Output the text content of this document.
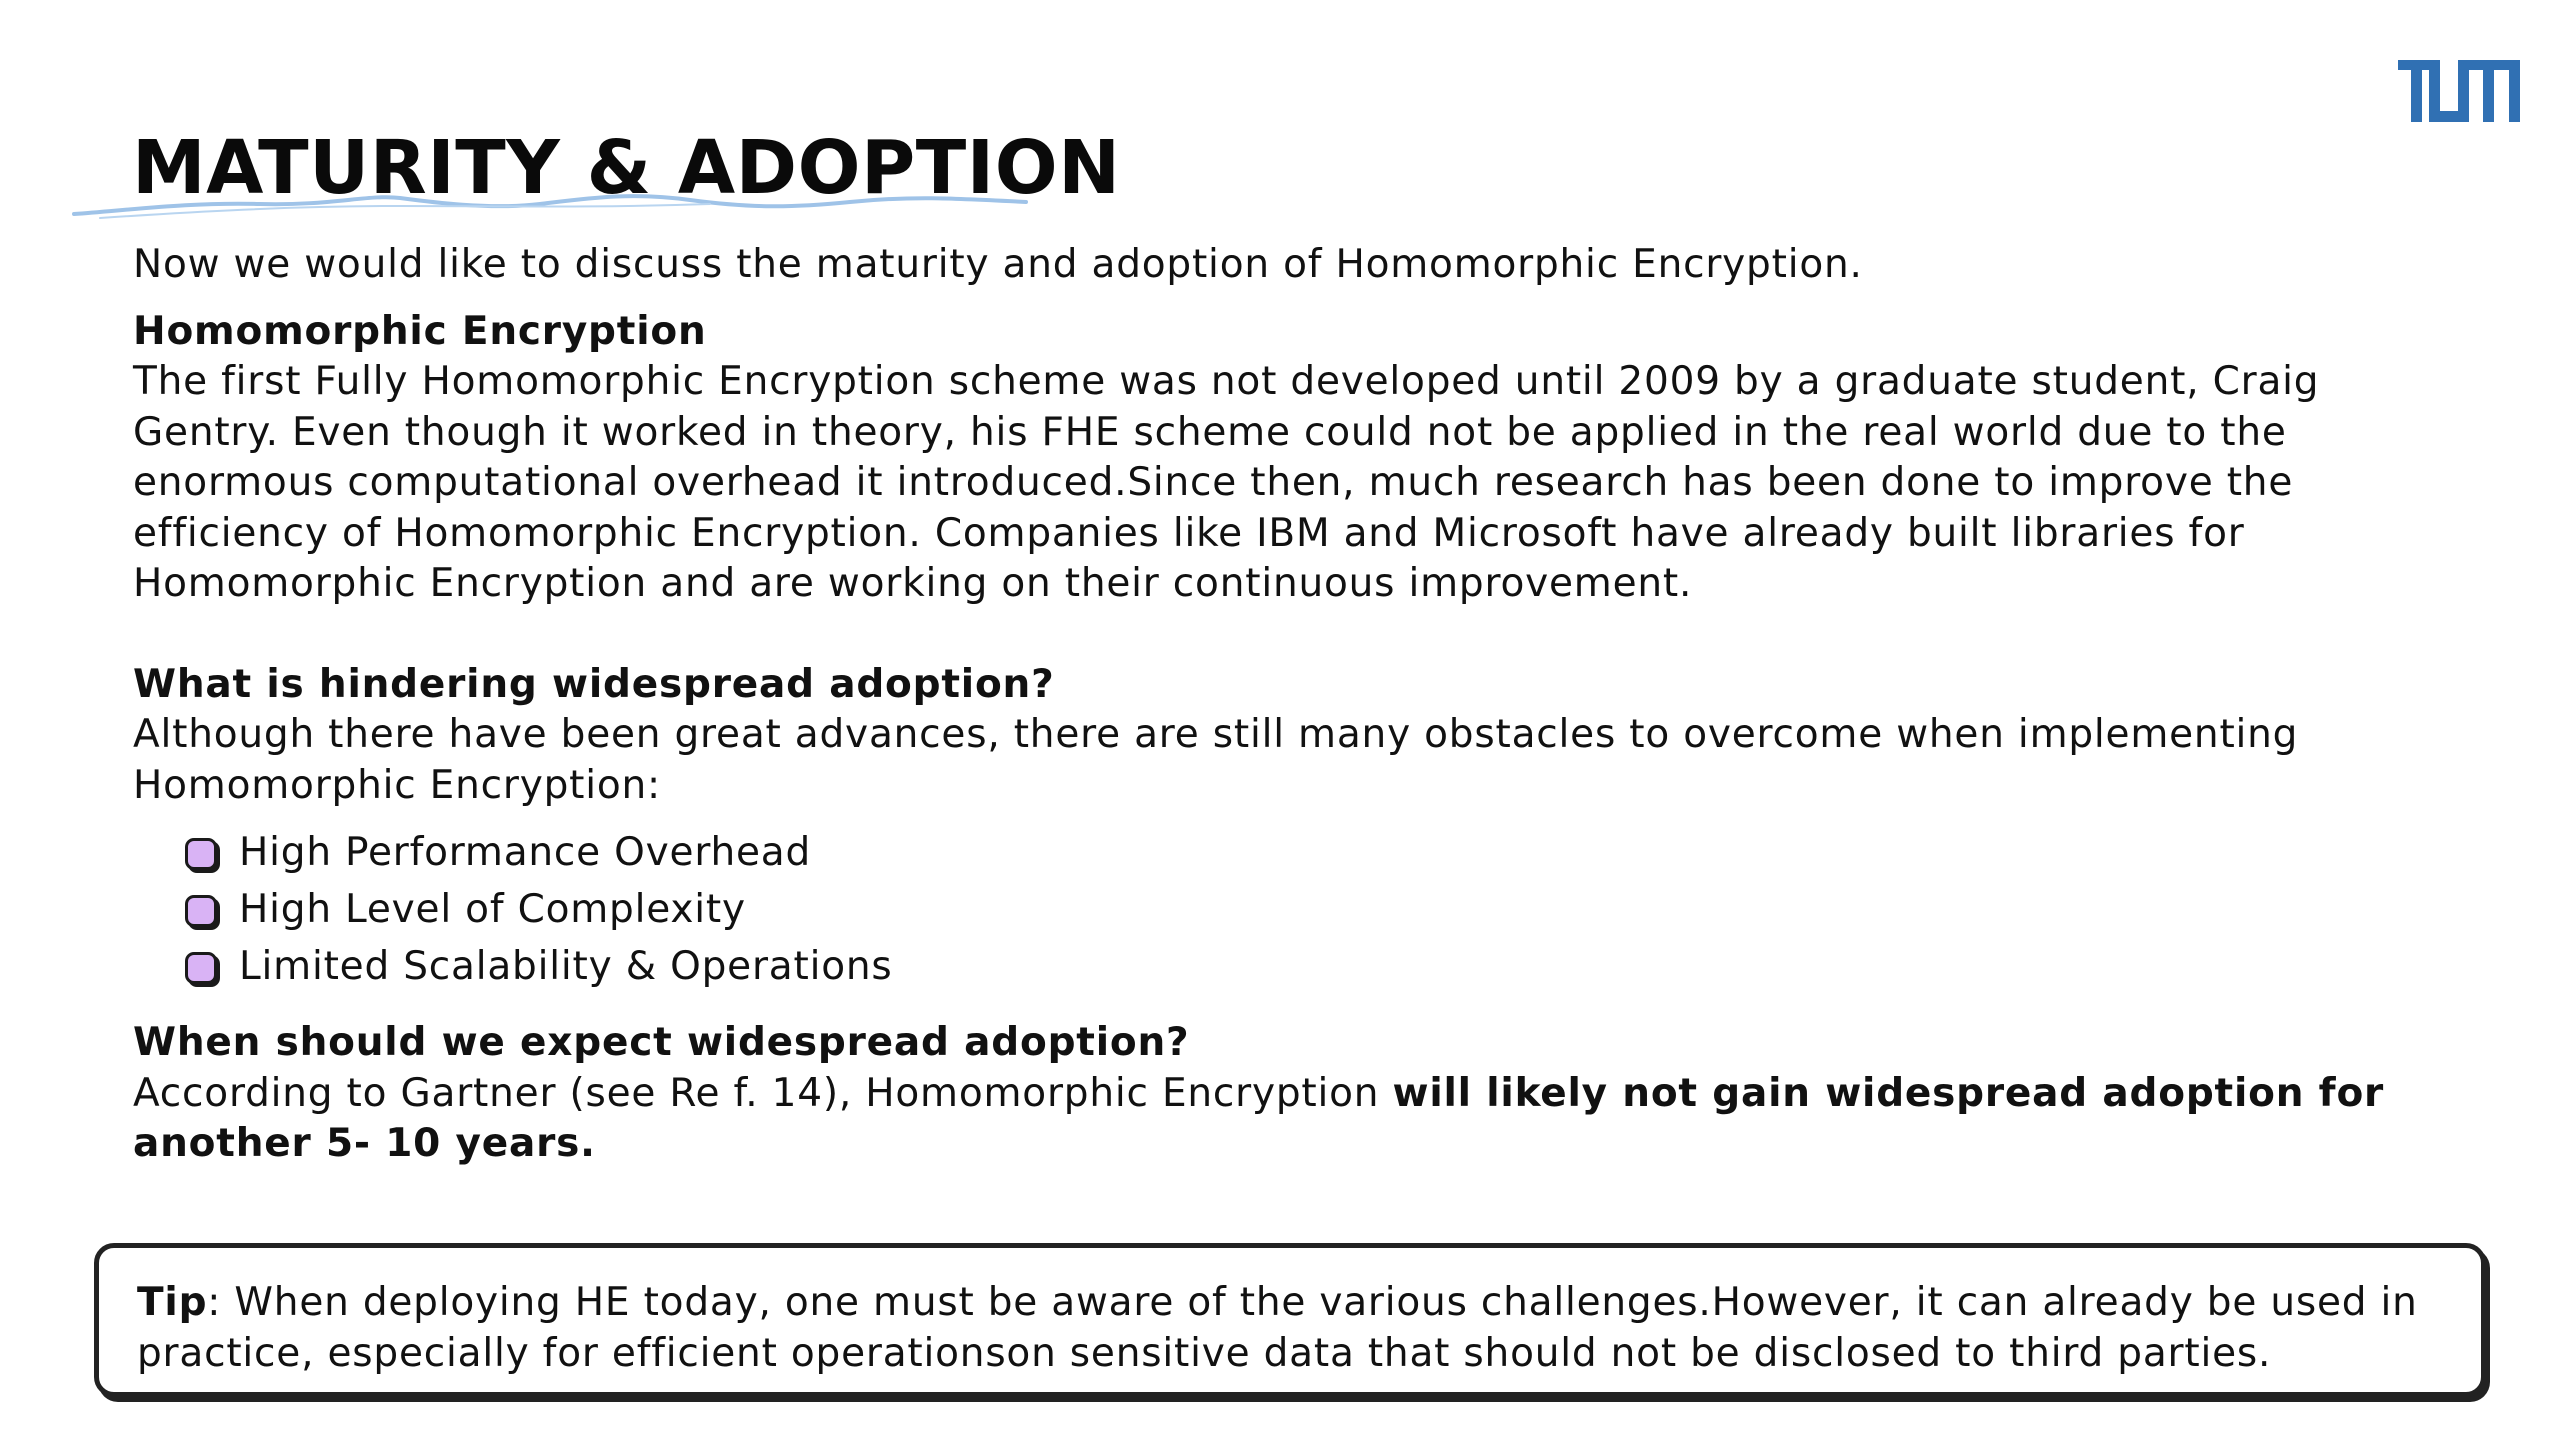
MATURITY & ADOPTION

Now we would like to discuss the maturity and adoption of Homomorphic Encryption.

Homomorphic Encryption

The first Fully Homomorphic Encryption scheme was not developed until 2009 by a graduate student, Craig Gentry. Even though it worked in theory, his FHE scheme could not be applied in the real world due to the enormous computational overhead it introduced.Since then, much research has been done to improve the efficiency of Homomorphic Encryption. Companies like IBM and Microsoft have already built libraries for Homomorphic Encryption and are working on their continuous improvement.

What is hindering widespread adoption?

Although there have been great advances, there are still many obstacles to overcome when implementing Homomorphic Encryption:

High Performance Overhead
High Level of Complexity
Limited Scalability & Operations

When should we expect widespread adoption?

According to Gartner (see Re f. 14), Homomorphic Encryption will likely not gain widespread adoption for another 5- 10 years.

Tip: When deploying HE today, one must be aware of the various challenges.However, it can already be used in practice, especially for efficient operationson sensitive data that should not be disclosed to third parties.
